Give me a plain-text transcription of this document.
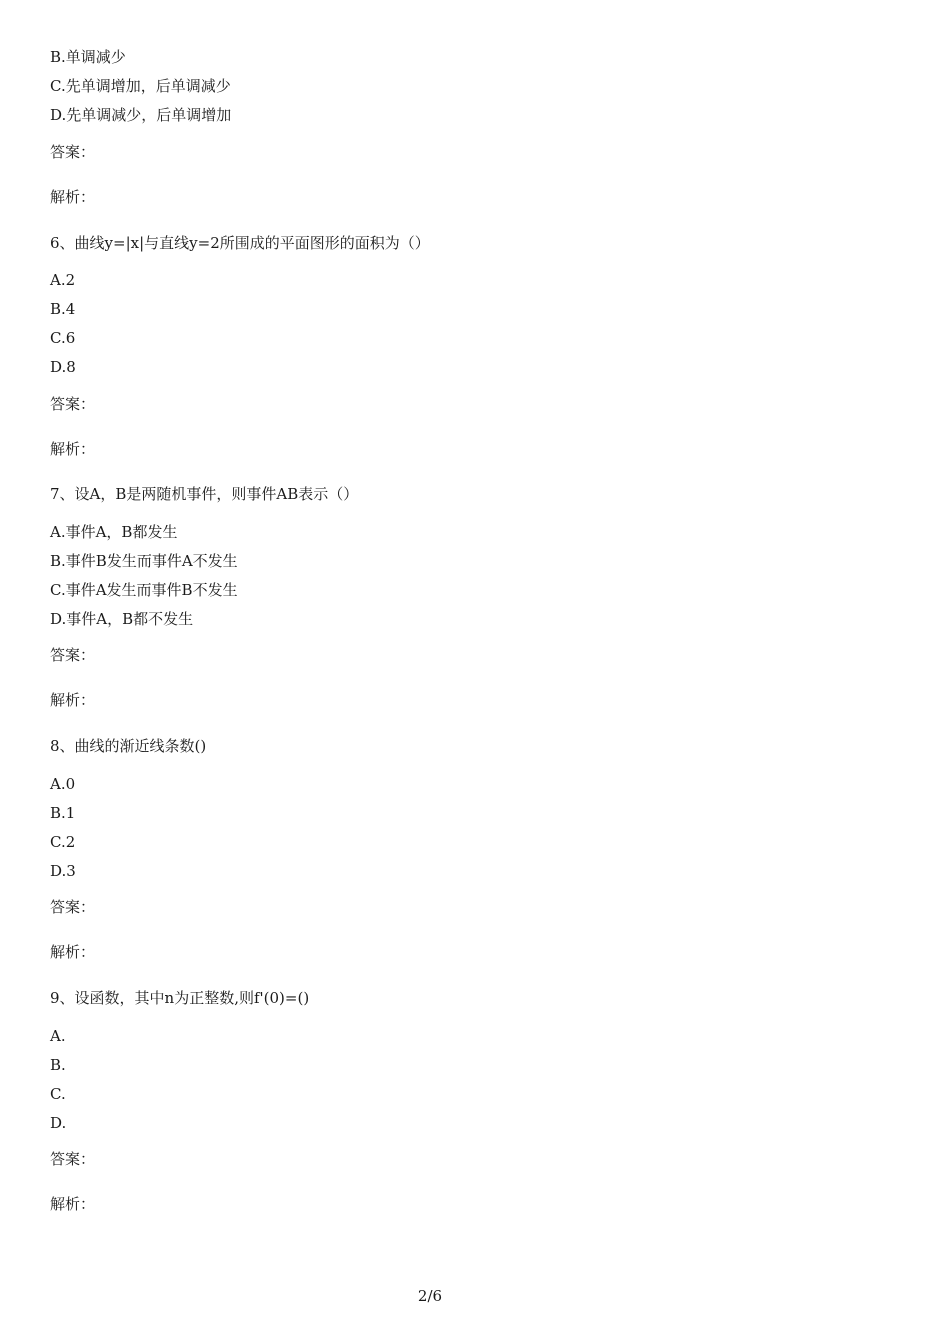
B.单调减少
C.先单调增加，后单调减少
D.先单调减少，后单调增加
答案：
解析：
6、曲线y=|x|与直线y=2所围成的平面图形的面积为（）
A.2
B.4
C.6
D.8
答案：
解析：
7、设A，B是两随机事件，则事件AB表示（）
A.事件A，B都发生
B.事件B发生而事件A不发生
C.事件A发生而事件B不发生
D.事件A，B都不发生
答案：
解析：
8、曲线的渐近线条数()
A.0
B.1
C.2
D.3
答案：
解析：
9、设函数，其中n为正整数,则f'(0)=()
A.
B.
C.
D.
答案：
解析：
2/6
